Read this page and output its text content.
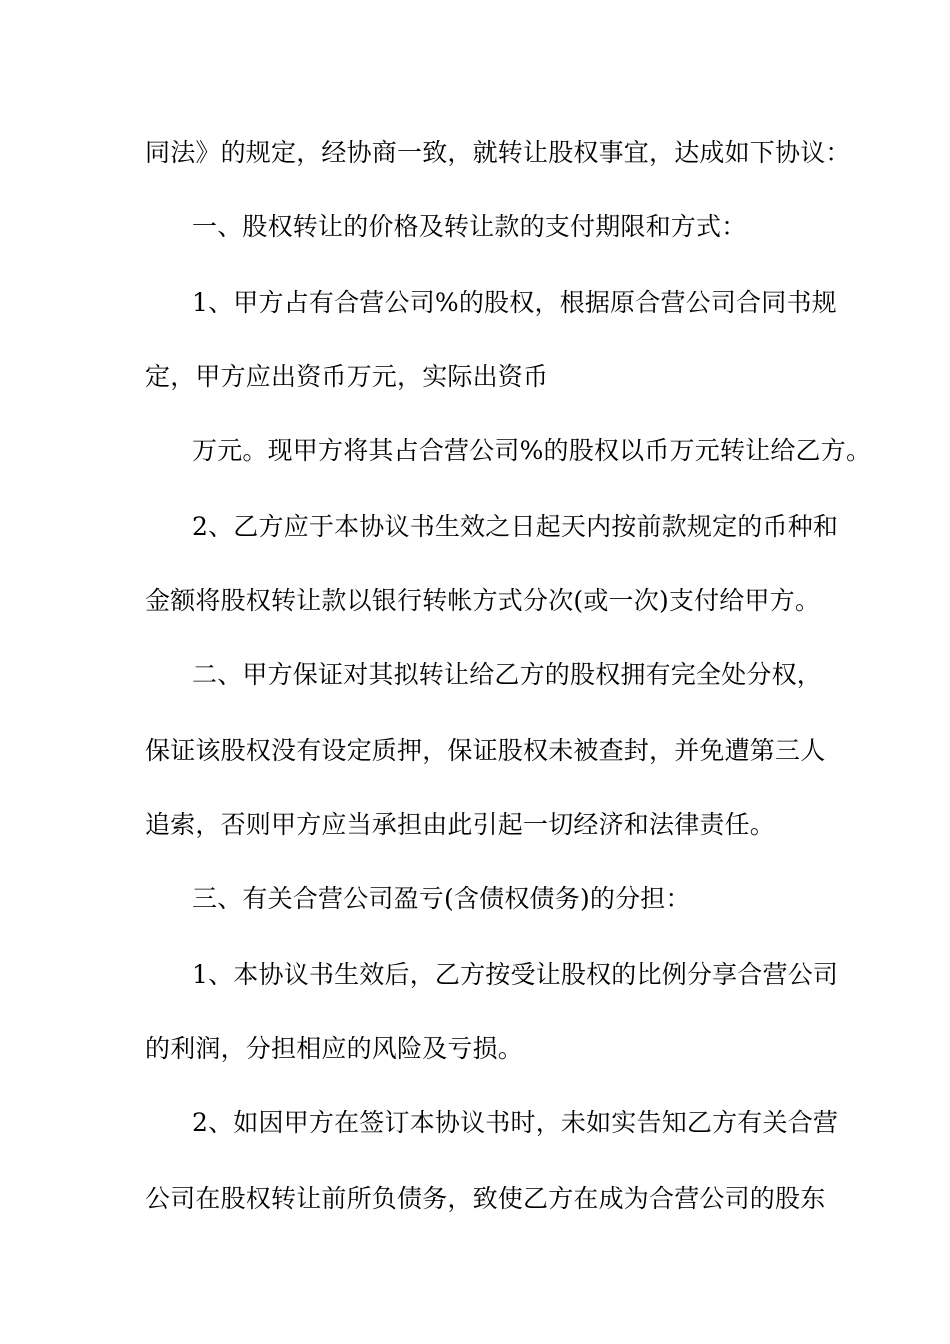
同法》的规定，经协商一致，就转让股权事宜，达成如下协议：
一、股权转让的价格及转让款的支付期限和方式：
1、甲方占有合营公司%的股权，根据原合营公司合同书规
定，甲方应出资币万元，实际出资币
万元。现甲方将其占合营公司%的股权以币万元转让给乙方。
2、乙方应于本协议书生效之日起天内按前款规定的币种和
金额将股权转让款以银行转帐方式分次(或一次)支付给甲方。
二、甲方保证对其拟转让给乙方的股权拥有完全处分权，
保证该股权没有设定质押，保证股权未被查封，并免遭第三人
追索，否则甲方应当承担由此引起一切经济和法律责任。
三、有关合营公司盈亏(含债权债务)的分担：
1、本协议书生效后，乙方按受让股权的比例分享合营公司
的利润，分担相应的风险及亏损。
2、如因甲方在签订本协议书时，未如实告知乙方有关合营
公司在股权转让前所负债务，致使乙方在成为合营公司的股东
